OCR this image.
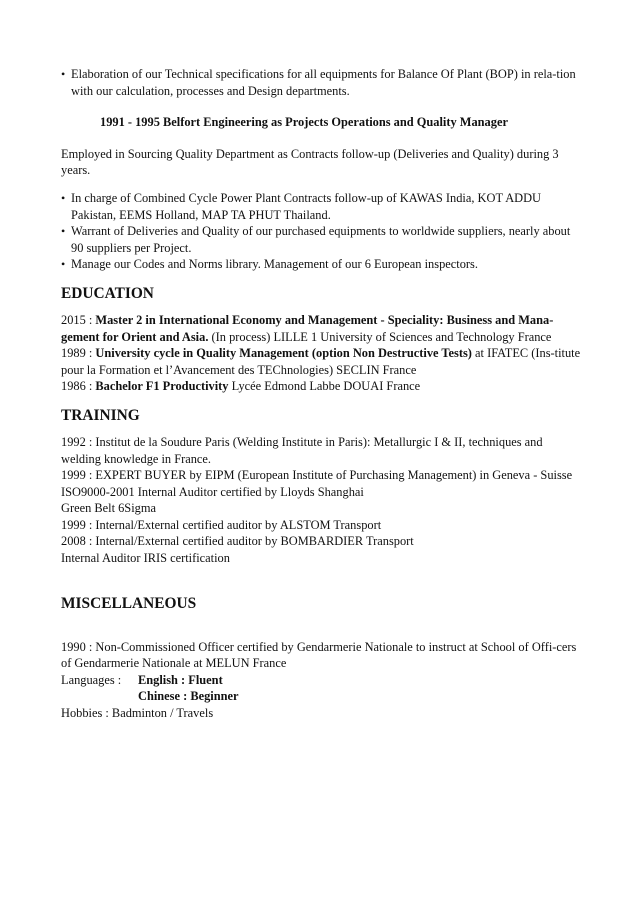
• Elaboration of our Technical specifications for all equipments for Balance Of Plant (BOP) in rela-tion with our calculation, processes and Design departments.

1991 - 1995 Belfort Engineering as Projects Operations and Quality Manager

Employed in Sourcing Quality Department as Contracts follow-up (Deliveries and Quality) during 3 years.

• In charge of Combined Cycle Power Plant Contracts follow-up of KAWAS India, KOT ADDU Pakistan, EEMS Holland, MAP TA PHUT Thailand.
• Warrant of Deliveries and Quality of our purchased equipments to worldwide suppliers, nearly about 90 suppliers per Project.
• Manage our Codes and Norms library. Management of our 6 European inspectors.
EDUCATION

2015 : Master 2 in International Economy and Management - Speciality: Business and Mana-gement for Orient and Asia. (In process) LILLE 1 University of Sciences and Technology France

1989 : University cycle in Quality Management (option Non Destructive Tests) at IFATEC (Ins-titute pour la Formation et l’Avancement des TEChnologies) SECLIN France

1986 : Bachelor F1 Productivity Lycée Edmond Labbe DOUAI France

TRAINING

1992 : Institut de la Soudure Paris (Welding Institute in Paris): Metallurgic I & II, techniques and welding knowledge in France.

1999 : EXPERT BUYER by EIPM (European Institute of Purchasing Management) in Geneva - Suisse

ISO9000-2001 Internal Auditor certified by Lloyds Shanghai

Green Belt 6Sigma

1999 : Internal/External certified auditor by ALSTOM Transport

2008 : Internal/External certified auditor by BOMBARDIER Transport

Internal Auditor IRIS certification

MISCELLANEOUS

1990 : Non-Commissioned Officer certified by Gendarmerie Nationale to instruct at School of Offi-cers of Gendarmerie Nationale at MELUN France

Languages :	English : Fluent
Chinese : Beginner

Hobbies : Badminton / Travels
